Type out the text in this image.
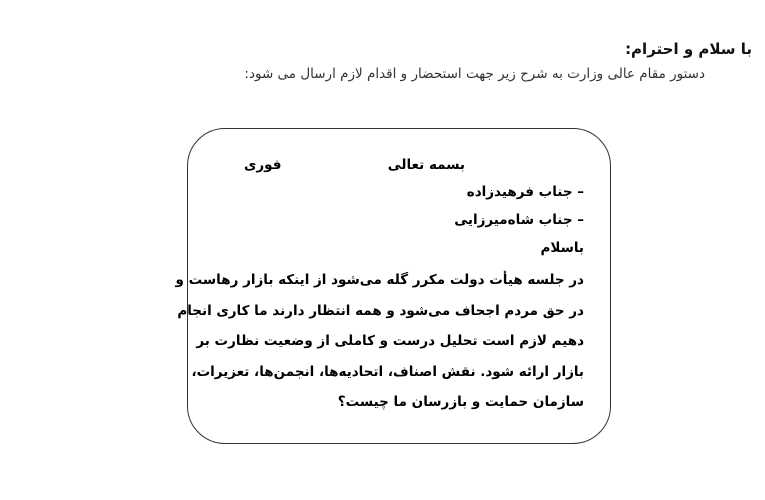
با سلام و احترام:
دستور مقام عالی وزارت به شرح زیر جهت استحضار و اقدام لازم ارسال می شود:
بسمه تعالی
فوری
– جناب فرهیدزاده
– جناب شاه‌میرزایی
باسلام
در جلسه هیأت دولت مکرر گله می‌شود از اینکه بازار رهاست و
در حق مردم اجحاف می‌شود و همه انتظار دارند ما کاری انجام
دهیم لازم است تحلیل درست و کاملی از وضعیت نظارت بر
بازار ارائه شود. نقش اصناف، اتحادیه‌ها، انجمن‌ها، تعزیرات،
سازمان حمایت و بازرسان ما چیست؟
